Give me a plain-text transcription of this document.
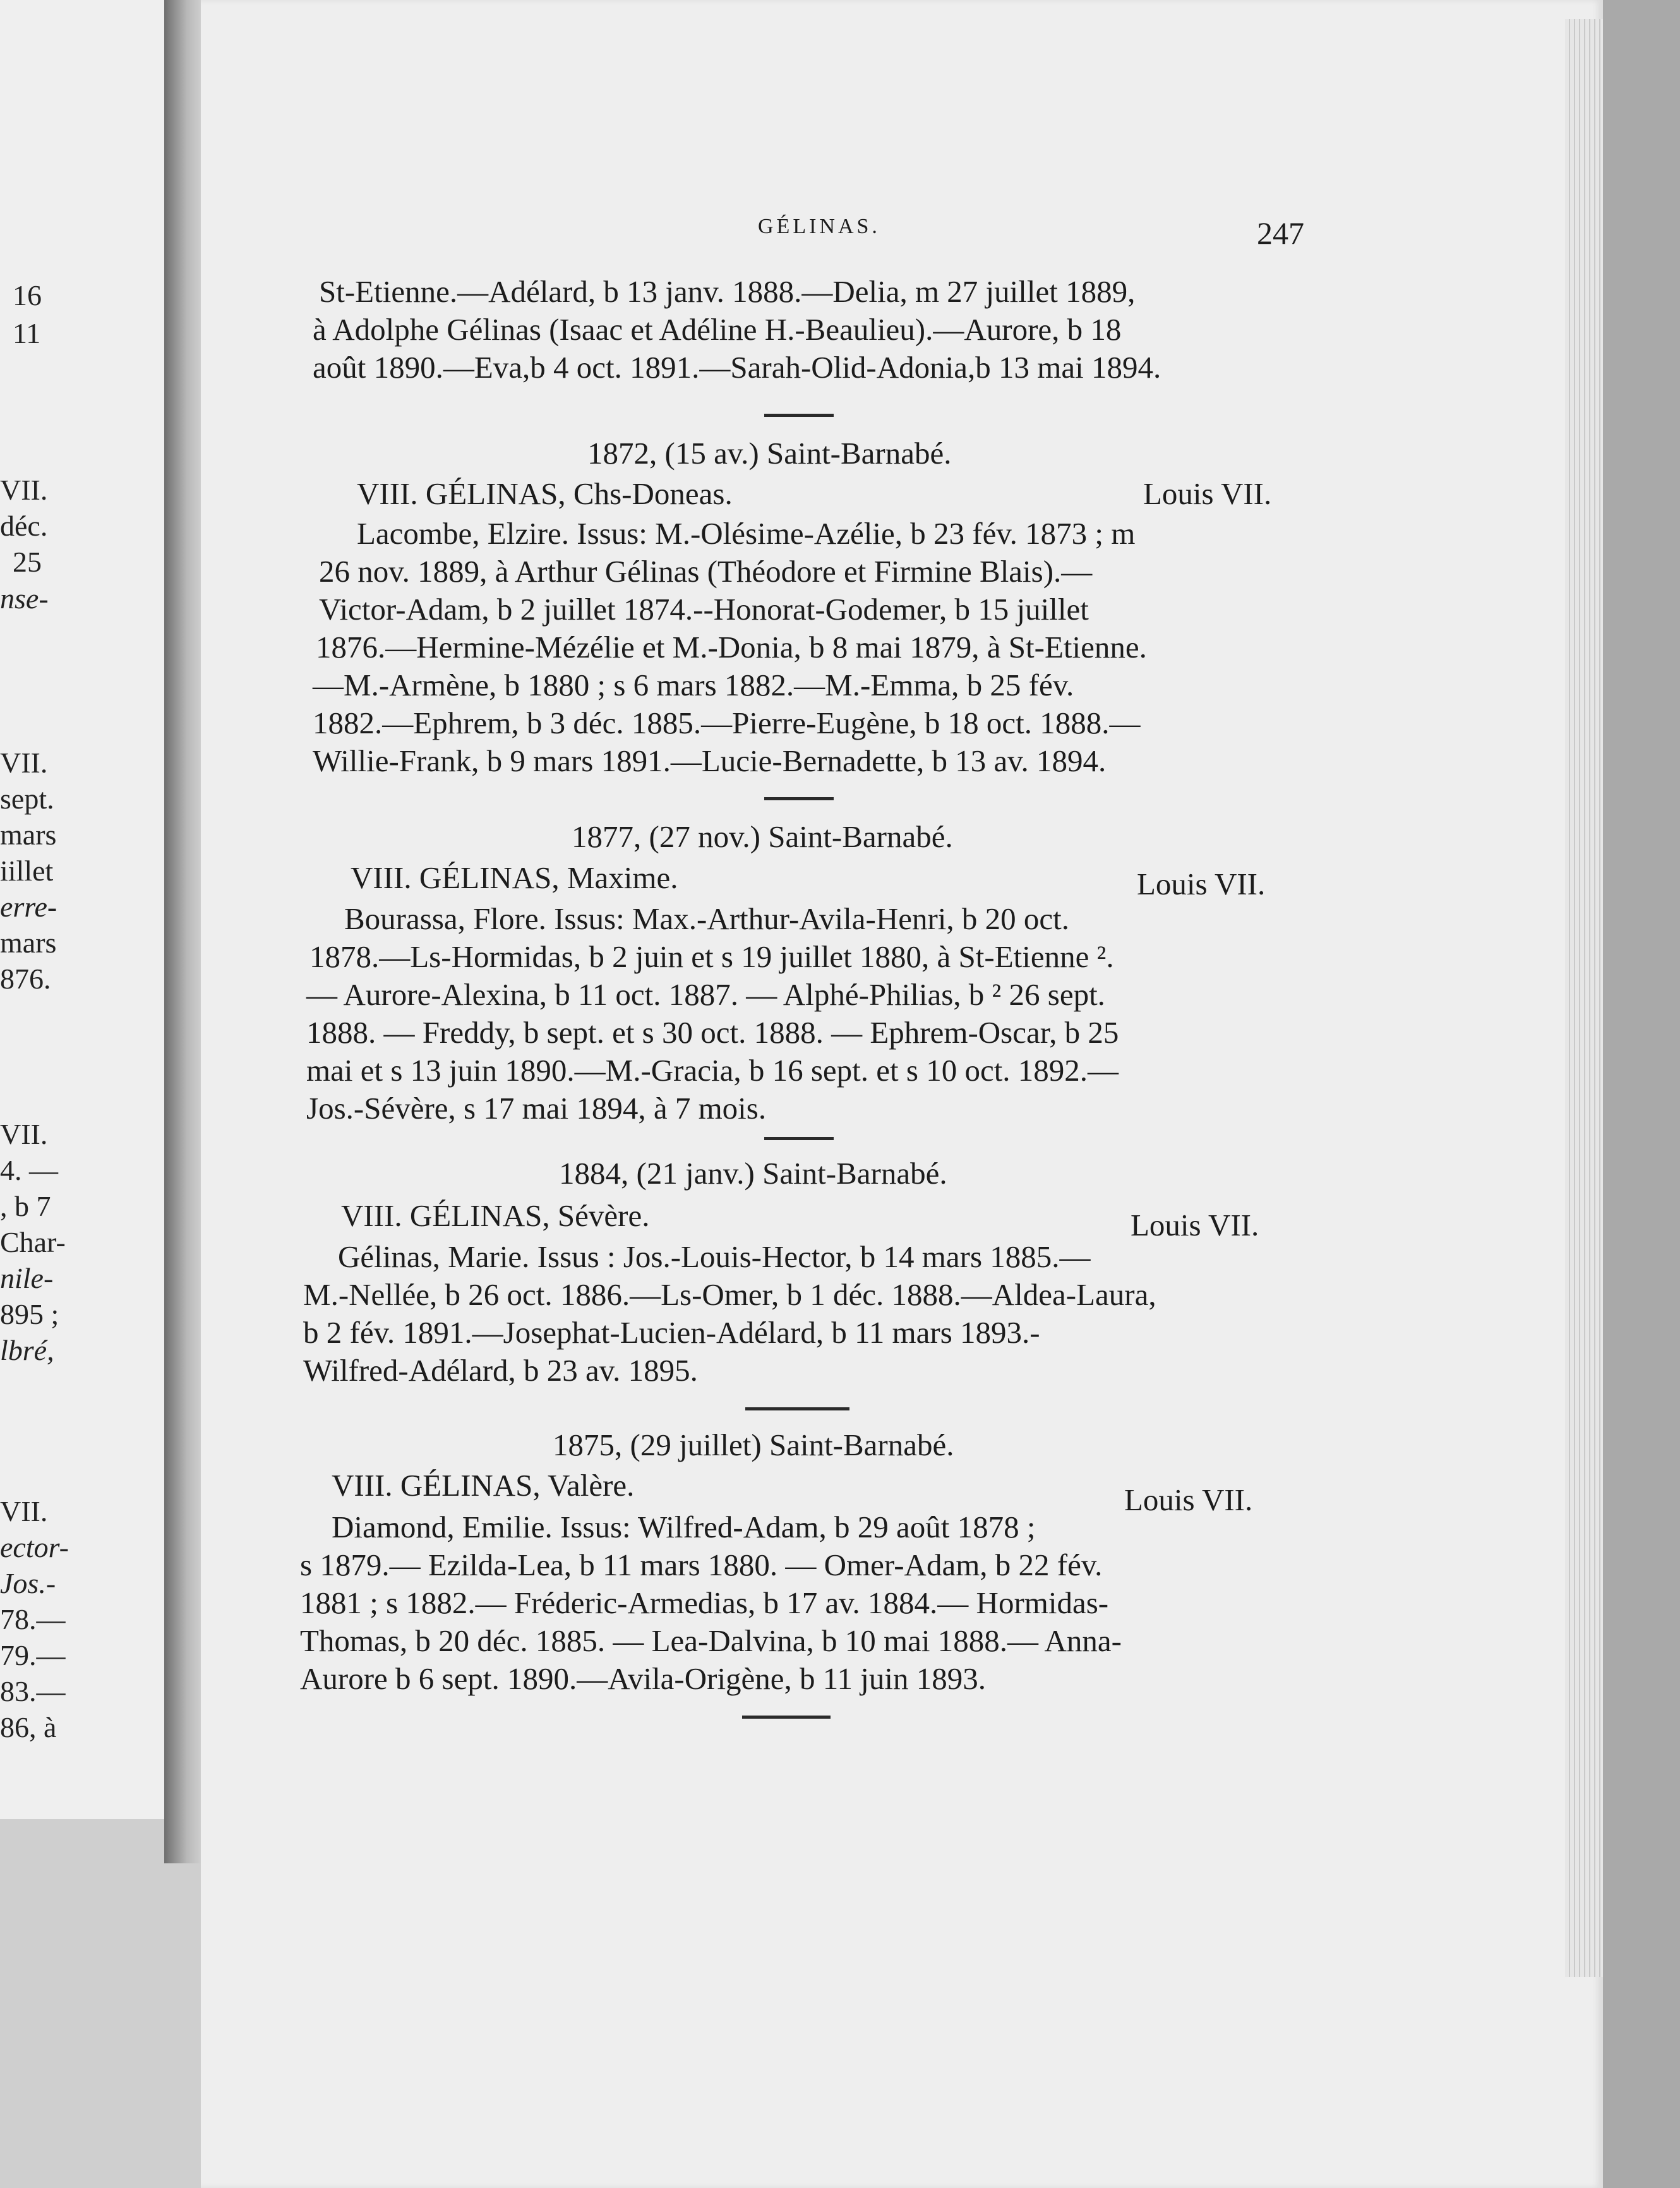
16
11
VII.
déc.
25
nse-
VII.
sept.
mars
iillet
erre-
mars
876.
VII.
4. —
, b 7
Char-
nile-
895 ;
lbré,
VII.
ector-
Jos.-
78.—
79.—
83.—
86, à
GÉLINAS.	247
St-Etienne.—Adélard, b 13 janv. 1888.—Delia, m 27 juillet 1889,
à Adolphe Gélinas (Isaac et Adéline H.-Beaulieu).—Aurore, b 18
août 1890.—Eva,b 4 oct. 1891.—Sarah-Olid-Adonia,b 13 mai 1894.
1872, (15 av.) Saint-Barnabé.
VIII. GÉLINAS, Chs-Doneas.	Louis VII.
Lacombe, Elzire. Issus: M.-Olésime-Azélie, b 23 fév. 1873 ; m
26 nov. 1889, à Arthur Gélinas (Théodore et Firmine Blais).—
Victor-Adam, b 2 juillet 1874.--Honorat-Godemer, b 15 juillet
1876.—Hermine-Mézélie et M.-Donia, b 8 mai 1879, à St-Etienne.
—M.-Armène, b 1880 ; s 6 mars 1882.—M.-Emma, b 25 fév.
1882.—Ephrem, b 3 déc. 1885.—Pierre-Eugène, b 18 oct. 1888.—
Willie-Frank, b 9 mars 1891.—Lucie-Bernadette, b 13 av. 1894.
1877, (27 nov.) Saint-Barnabé.
VIII. GÉLINAS, Maxime.	Louis VII.
Bourassa, Flore. Issus: Max.-Arthur-Avila-Henri, b 20 oct.
1878.—Ls-Hormidas, b 2 juin et s 19 juillet 1880, à St-Etienne ².
— Aurore-Alexina, b 11 oct. 1887. — Alphé-Philias, b ² 26 sept.
1888. — Freddy, b sept. et s 30 oct. 1888. — Ephrem-Oscar, b 25
mai et s 13 juin 1890.—M.-Gracia, b 16 sept. et s 10 oct. 1892.—
Jos.-Sévère, s 17 mai 1894, à 7 mois.
1884, (21 janv.) Saint-Barnabé.
VIII. GÉLINAS, Sévère.	Louis VII.
Gélinas, Marie. Issus : Jos.-Louis-Hector, b 14 mars 1885.—
M.-Nellée, b 26 oct. 1886.—Ls-Omer, b 1 déc. 1888.—Aldea-Laura,
b 2 fév. 1891.—Josephat-Lucien-Adélard, b 11 mars 1893.-
Wilfred-Adélard, b 23 av. 1895.
1875, (29 juillet) Saint-Barnabé.
VIII. GÉLINAS, Valère.	Louis VII.
Diamond, Emilie. Issus: Wilfred-Adam, b 29 août 1878 ;
s 1879.— Ezilda-Lea, b 11 mars 1880. — Omer-Adam, b 22 fév.
1881 ; s 1882.— Fréderic-Armedias, b 17 av. 1884.— Hormidas-
Thomas, b 20 déc. 1885. — Lea-Dalvina, b 10 mai 1888.— Anna-
Aurore b 6 sept. 1890.—Avila-Origène, b 11 juin 1893.
